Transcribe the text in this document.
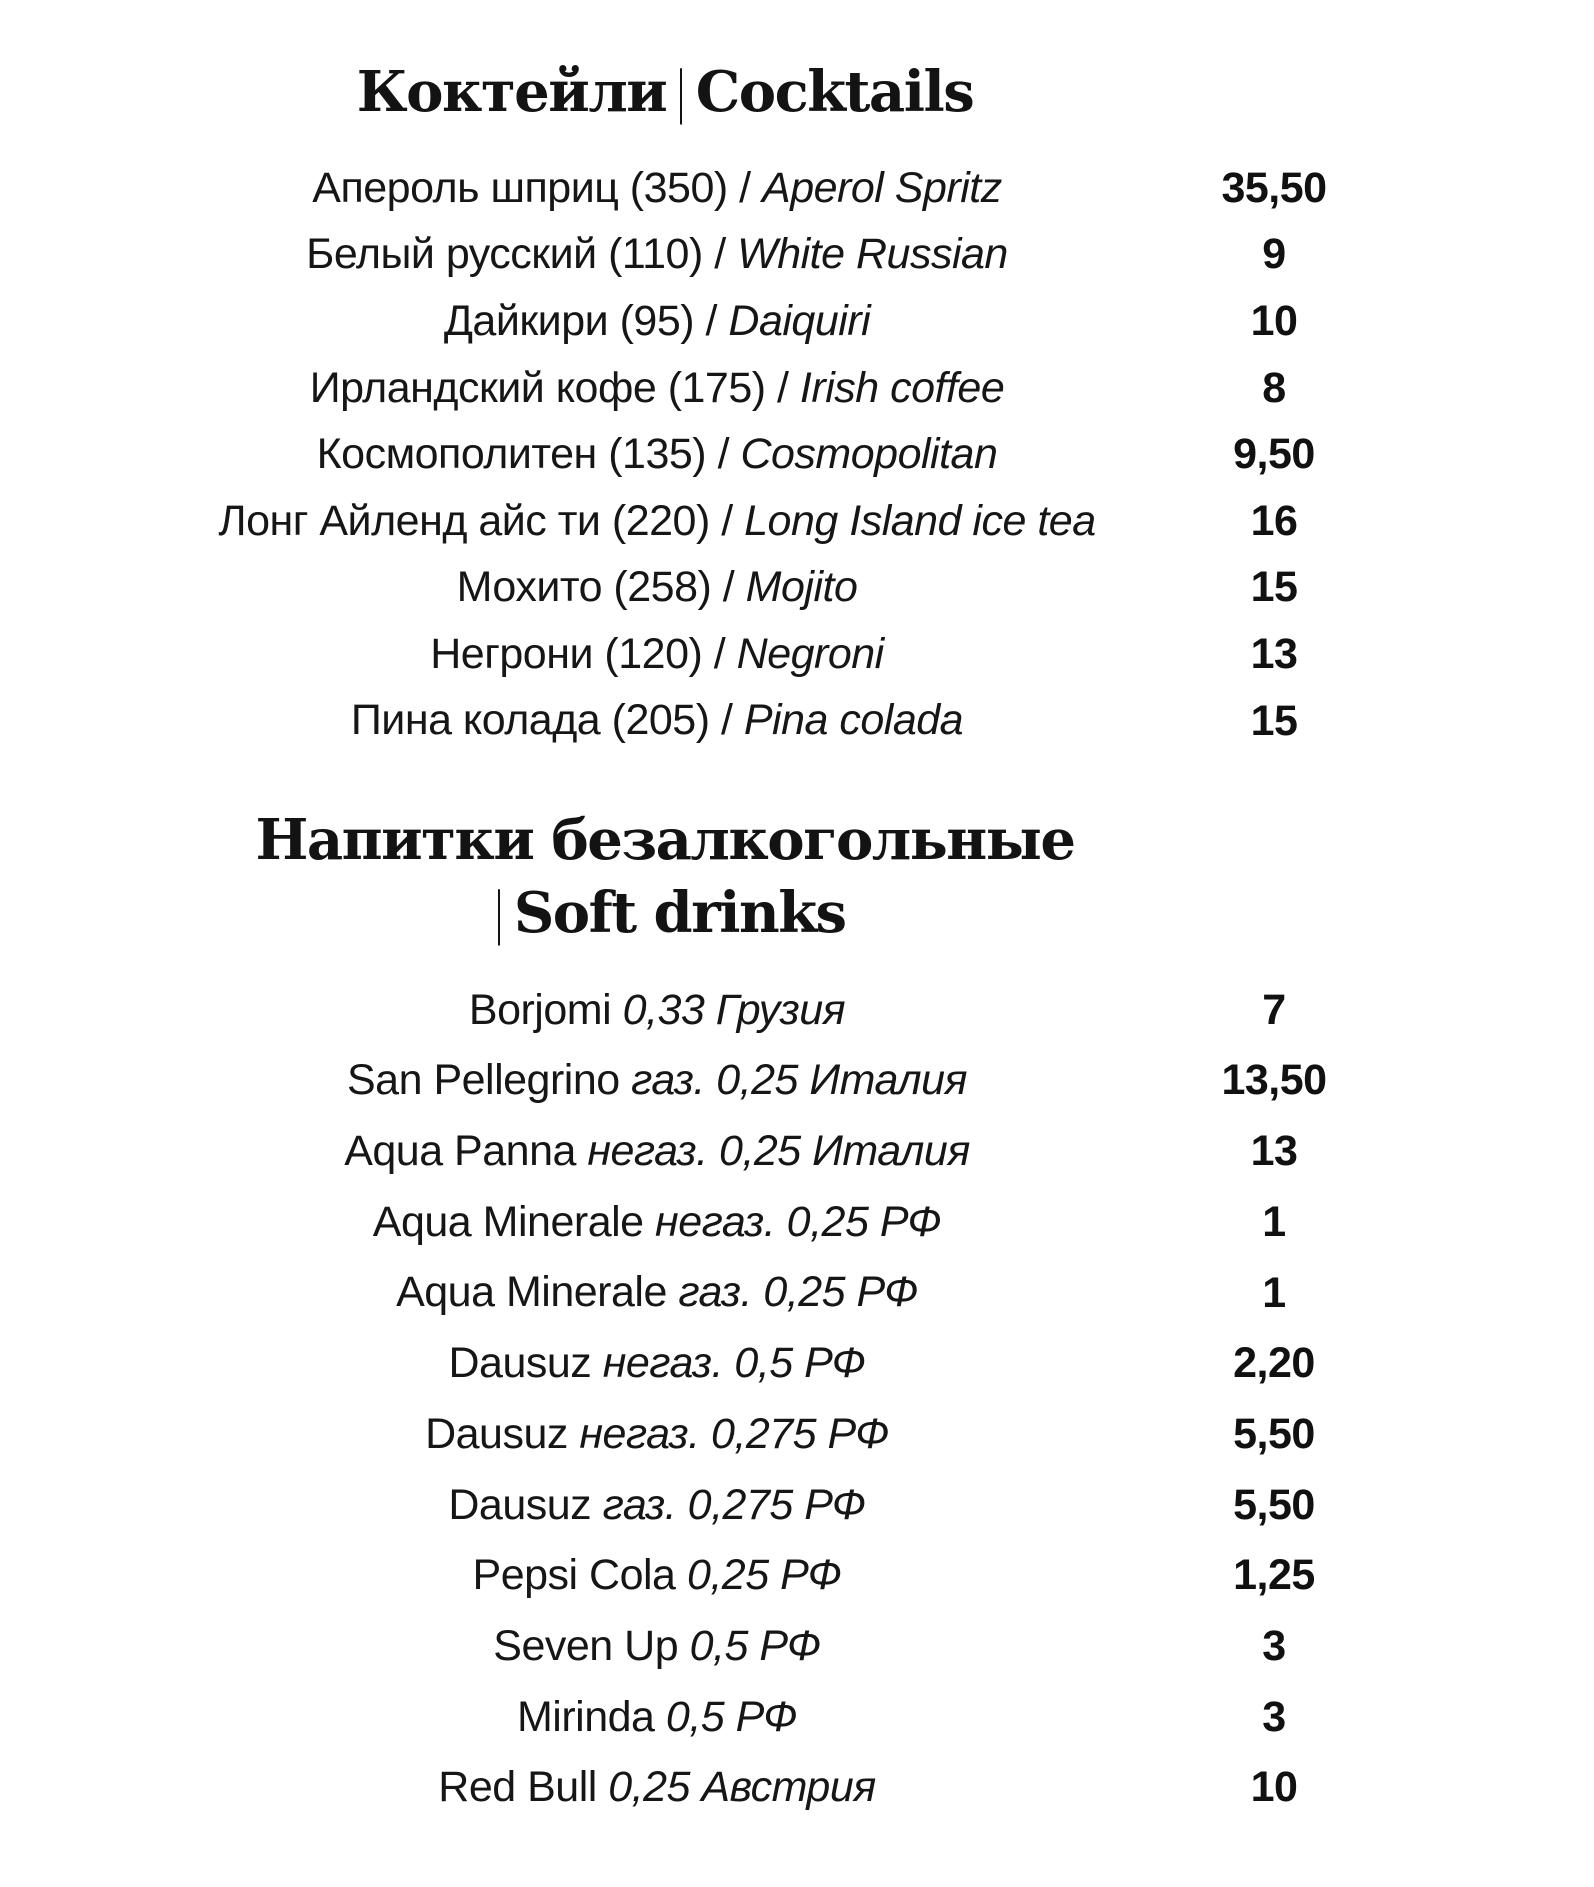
Коктейли | Cocktails
Апероль шприц (350) / Aperol Spritz	35,50
Белый русский (110) / White Russian	9
Дайкири (95) / Daiquiri	10
Ирландский кофе (175) / Irish coffee	8
Космополитен (135) / Cosmopolitan	9,50
Лонг Айленд айс ти (220) / Long Island ice tea	16
Мохито (258) / Mojito	15
Негрони (120) / Negroni	13
Пина колада (205) / Pina colada	15
Напитки безалкогольные
| Soft drinks
Borjomi 0,33 Грузия	7
San Pellegrino газ. 0,25 Италия	13,50
Aqua Panna негаз. 0,25 Италия	13
Aqua Minerale негаз. 0,25 РФ	1
Aqua Minerale газ. 0,25 РФ	1
Dausuz негаз. 0,5 РФ	2,20
Dausuz негаз. 0,275 РФ	5,50
Dausuz газ. 0,275 РФ	5,50
Pepsi Cola 0,25 РФ	1,25
Seven Up 0,5 РФ	3
Mirinda 0,5 РФ	3
Red Bull 0,25 Австрия	10
